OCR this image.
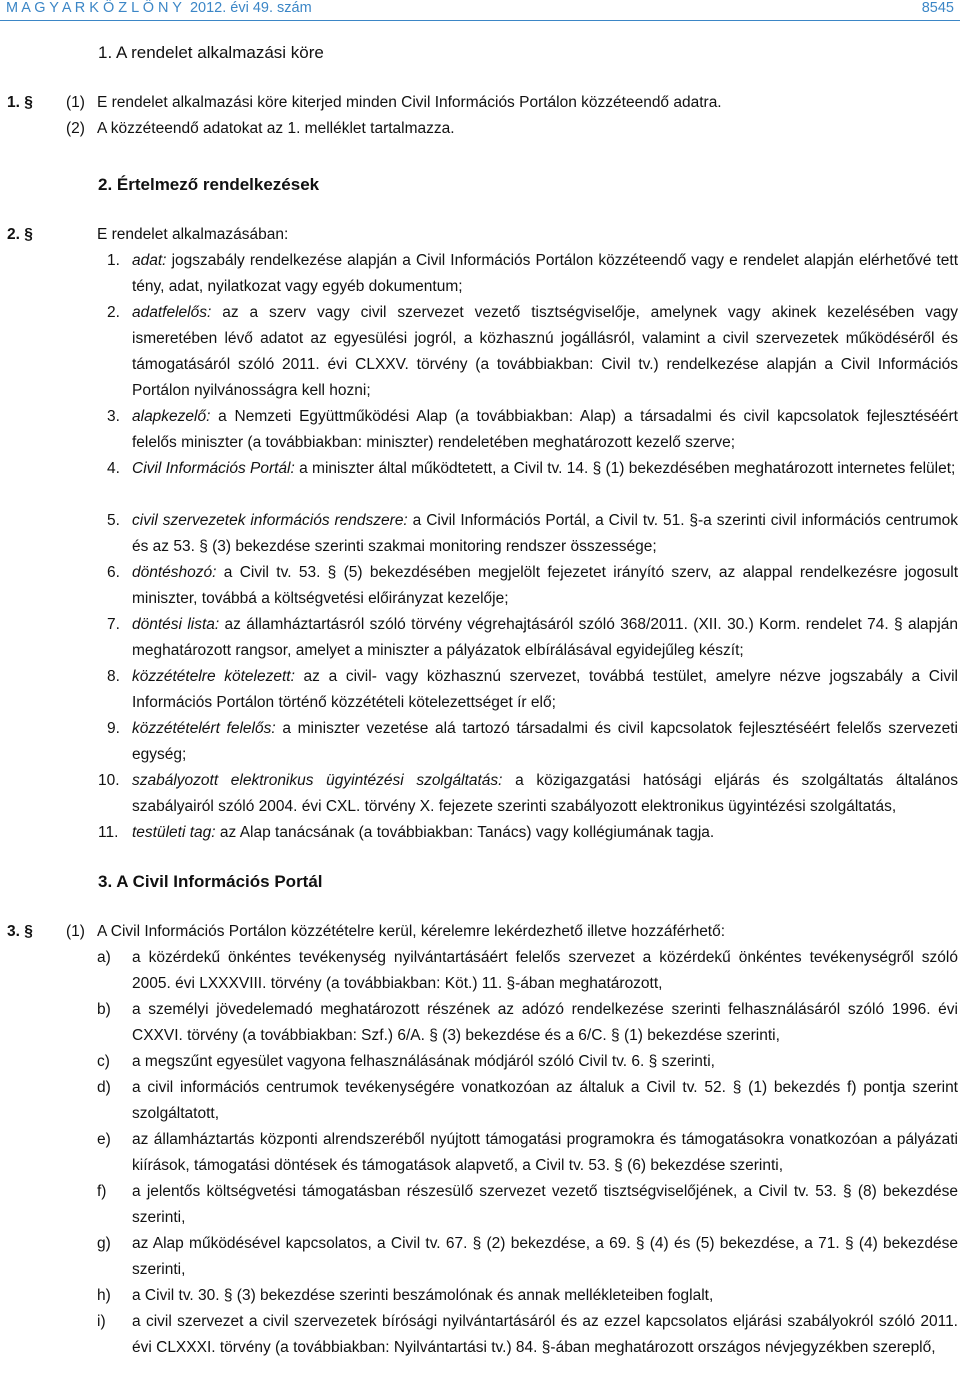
M A G Y A R K Ö Z L Ö N Y 2012. évi 49. szám	8545
1. A rendelet alkalmazási köre
1. § (1) E rendelet alkalmazási köre kiterjed minden Civil Információs Portálon közzéteendő adatra.
(2) A közzéteendő adatokat az 1. melléklet tartalmazza.
2. Értelmező rendelkezések
2. §	E rendelet alkalmazásában:
1. adat: jogszabály rendelkezése alapján a Civil Információs Portálon közzéteendő vagy e rendelet alapján elérhetővé tett tény, adat, nyilatkozat vagy egyéb dokumentum;
2. adatfelelős: az a szerv vagy civil szervezet vezető tisztségviselője, amelynek vagy akinek kezelésében vagy ismeretében lévő adatot az egyesülési jogról, a közhasznú jogállásról, valamint a civil szervezetek működéséről és támogatásáról szóló 2011. évi CLXXV. törvény (a továbbiakban: Civil tv.) rendelkezése alapján a Civil Információs Portálon nyilvánosságra kell hozni;
3. alapkezelő: a Nemzeti Együttműködési Alap (a továbbiakban: Alap) a társadalmi és civil kapcsolatok fejlesztéséért felelős miniszter (a továbbiakban: miniszter) rendeletében meghatározott kezelő szerve;
4. Civil Információs Portál: a miniszter által működtetett, a Civil tv. 14. § (1) bekezdésében meghatározott internetes felület;
5. civil szervezetek információs rendszere: a Civil Információs Portál, a Civil tv. 51. §-a szerinti civil információs centrumok és az 53. § (3) bekezdése szerinti szakmai monitoring rendszer összessége;
6. döntéshozó: a Civil tv. 53. § (5) bekezdésében megjelölt fejezetet irányító szerv, az alappal rendelkezésre jogosult miniszter, továbbá a költségvetési előirányzat kezelője;
7. döntési lista: az államháztartásról szóló törvény végrehajtásáról szóló 368/2011. (XII. 30.) Korm. rendelet 74. § alapján meghatározott rangsor, amelyet a miniszter a pályázatok elbírálásával egyidejűleg készít;
8. közzétételre kötelezett: az a civil- vagy közhasznú szervezet, továbbá testület, amelyre nézve jogszabály a Civil Információs Portálon történő közzétételi kötelezettséget ír elő;
9. közzétételért felelős: a miniszter vezetése alá tartozó társadalmi és civil kapcsolatok fejlesztéséért felelős szervezeti egység;
10. szabályozott elektronikus ügyintézési szolgáltatás: a közigazgatási hatósági eljárás és szolgáltatás általános szabályairól szóló 2004. évi CXL. törvény X. fejezete szerinti szabályozott elektronikus ügyintézési szolgáltatás,
11. testületi tag: az Alap tanácsának (a továbbiakban: Tanács) vagy kollégiumának tagja.
3. A Civil Információs Portál
3. § (1) A Civil Információs Portálon közzétételre kerül, kérelemre lekérdezhető illetve hozzáférhető:
a) a közérdekű önkéntes tevékenység nyilvántartásáért felelős szervezet a közérdekű önkéntes tevékenységről szóló 2005. évi LXXXVIII. törvény (a továbbiakban: Köt.) 11. §-ában meghatározott,
b) a személyi jövedelemadó meghatározott részének az adózó rendelkezése szerinti felhasználásáról szóló 1996. évi CXXVI. törvény (a továbbiakban: Szf.) 6/A. § (3) bekezdése és a 6/C. § (1) bekezdése szerinti,
c) a megszűnt egyesület vagyona felhasználásának módjáról szóló Civil tv. 6. § szerinti,
d) a civil információs centrumok tevékenységére vonatkozóan az általuk a Civil tv. 52. § (1) bekezdés f) pontja szerint szolgáltatott,
e) az államháztartás központi alrendszeréből nyújtott támogatási programokra és támogatásokra vonatkozóan a pályázati kiírások, támogatási döntések és támogatások alapvető, a Civil tv. 53. § (6) bekezdése szerinti,
f) a jelentős költségvetési támogatásban részesülő szervezet vezető tisztségviselőjének, a Civil tv. 53. § (8) bekezdése szerinti,
g) az Alap működésével kapcsolatos, a Civil tv. 67. § (2) bekezdése, a 69. § (4) és (5) bekezdése, a 71. § (4) bekezdése szerinti,
h) a Civil tv. 30. § (3) bekezdése szerinti beszámolónak és annak mellékleteiben foglalt,
i) a civil szervezet a civil szervezetek bírósági nyilvántartásáról és az ezzel kapcsolatos eljárási szabályokról szóló 2011. évi CLXXXI. törvény (a továbbiakban: Nyilvántartási tv.) 84. §-ában meghatározott országos névjegyzékben szereplő,
